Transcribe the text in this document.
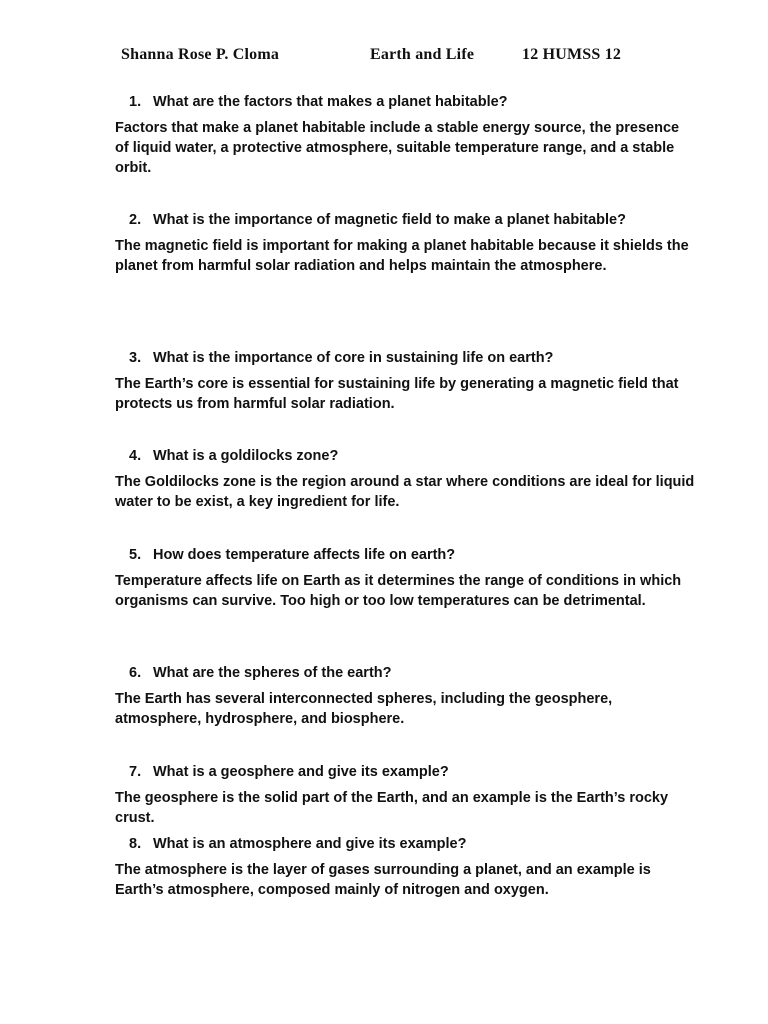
Shanna Rose P. Cloma	Earth and Life	12 HUMSS 12
1. What are the factors that makes a planet habitable?

Factors that make a planet habitable include a stable energy source, the presence of liquid water, a protective atmosphere, suitable temperature range, and a stable orbit.

2. What is the importance of magnetic field to make a planet habitable?

The magnetic field is important for making a planet habitable because it shields the planet from harmful solar radiation and helps maintain the atmosphere.

3. What is the importance of core in sustaining life on earth?

The Earth’s core is essential for sustaining life by generating a magnetic field that protects us from harmful solar radiation.

4. What is a goldilocks zone?

The Goldilocks zone is the region around a star where conditions are ideal for liquid water to be exist, a key ingredient for life.

5. How does temperature affects life on earth?

Temperature affects life on Earth as it determines the range of conditions in which organisms can survive. Too high or too low temperatures can be detrimental.

6. What are the spheres of the earth?

The Earth has several interconnected spheres, including the geosphere, atmosphere, hydrosphere, and biosphere.

7. What is a geosphere and give its example?

The geosphere is the solid part of the Earth, and an example is the Earth’s rocky crust.

8. What is an atmosphere and give its example?

The atmosphere is the layer of gases surrounding a planet, and an example is Earth’s atmosphere, composed mainly of nitrogen and oxygen.
